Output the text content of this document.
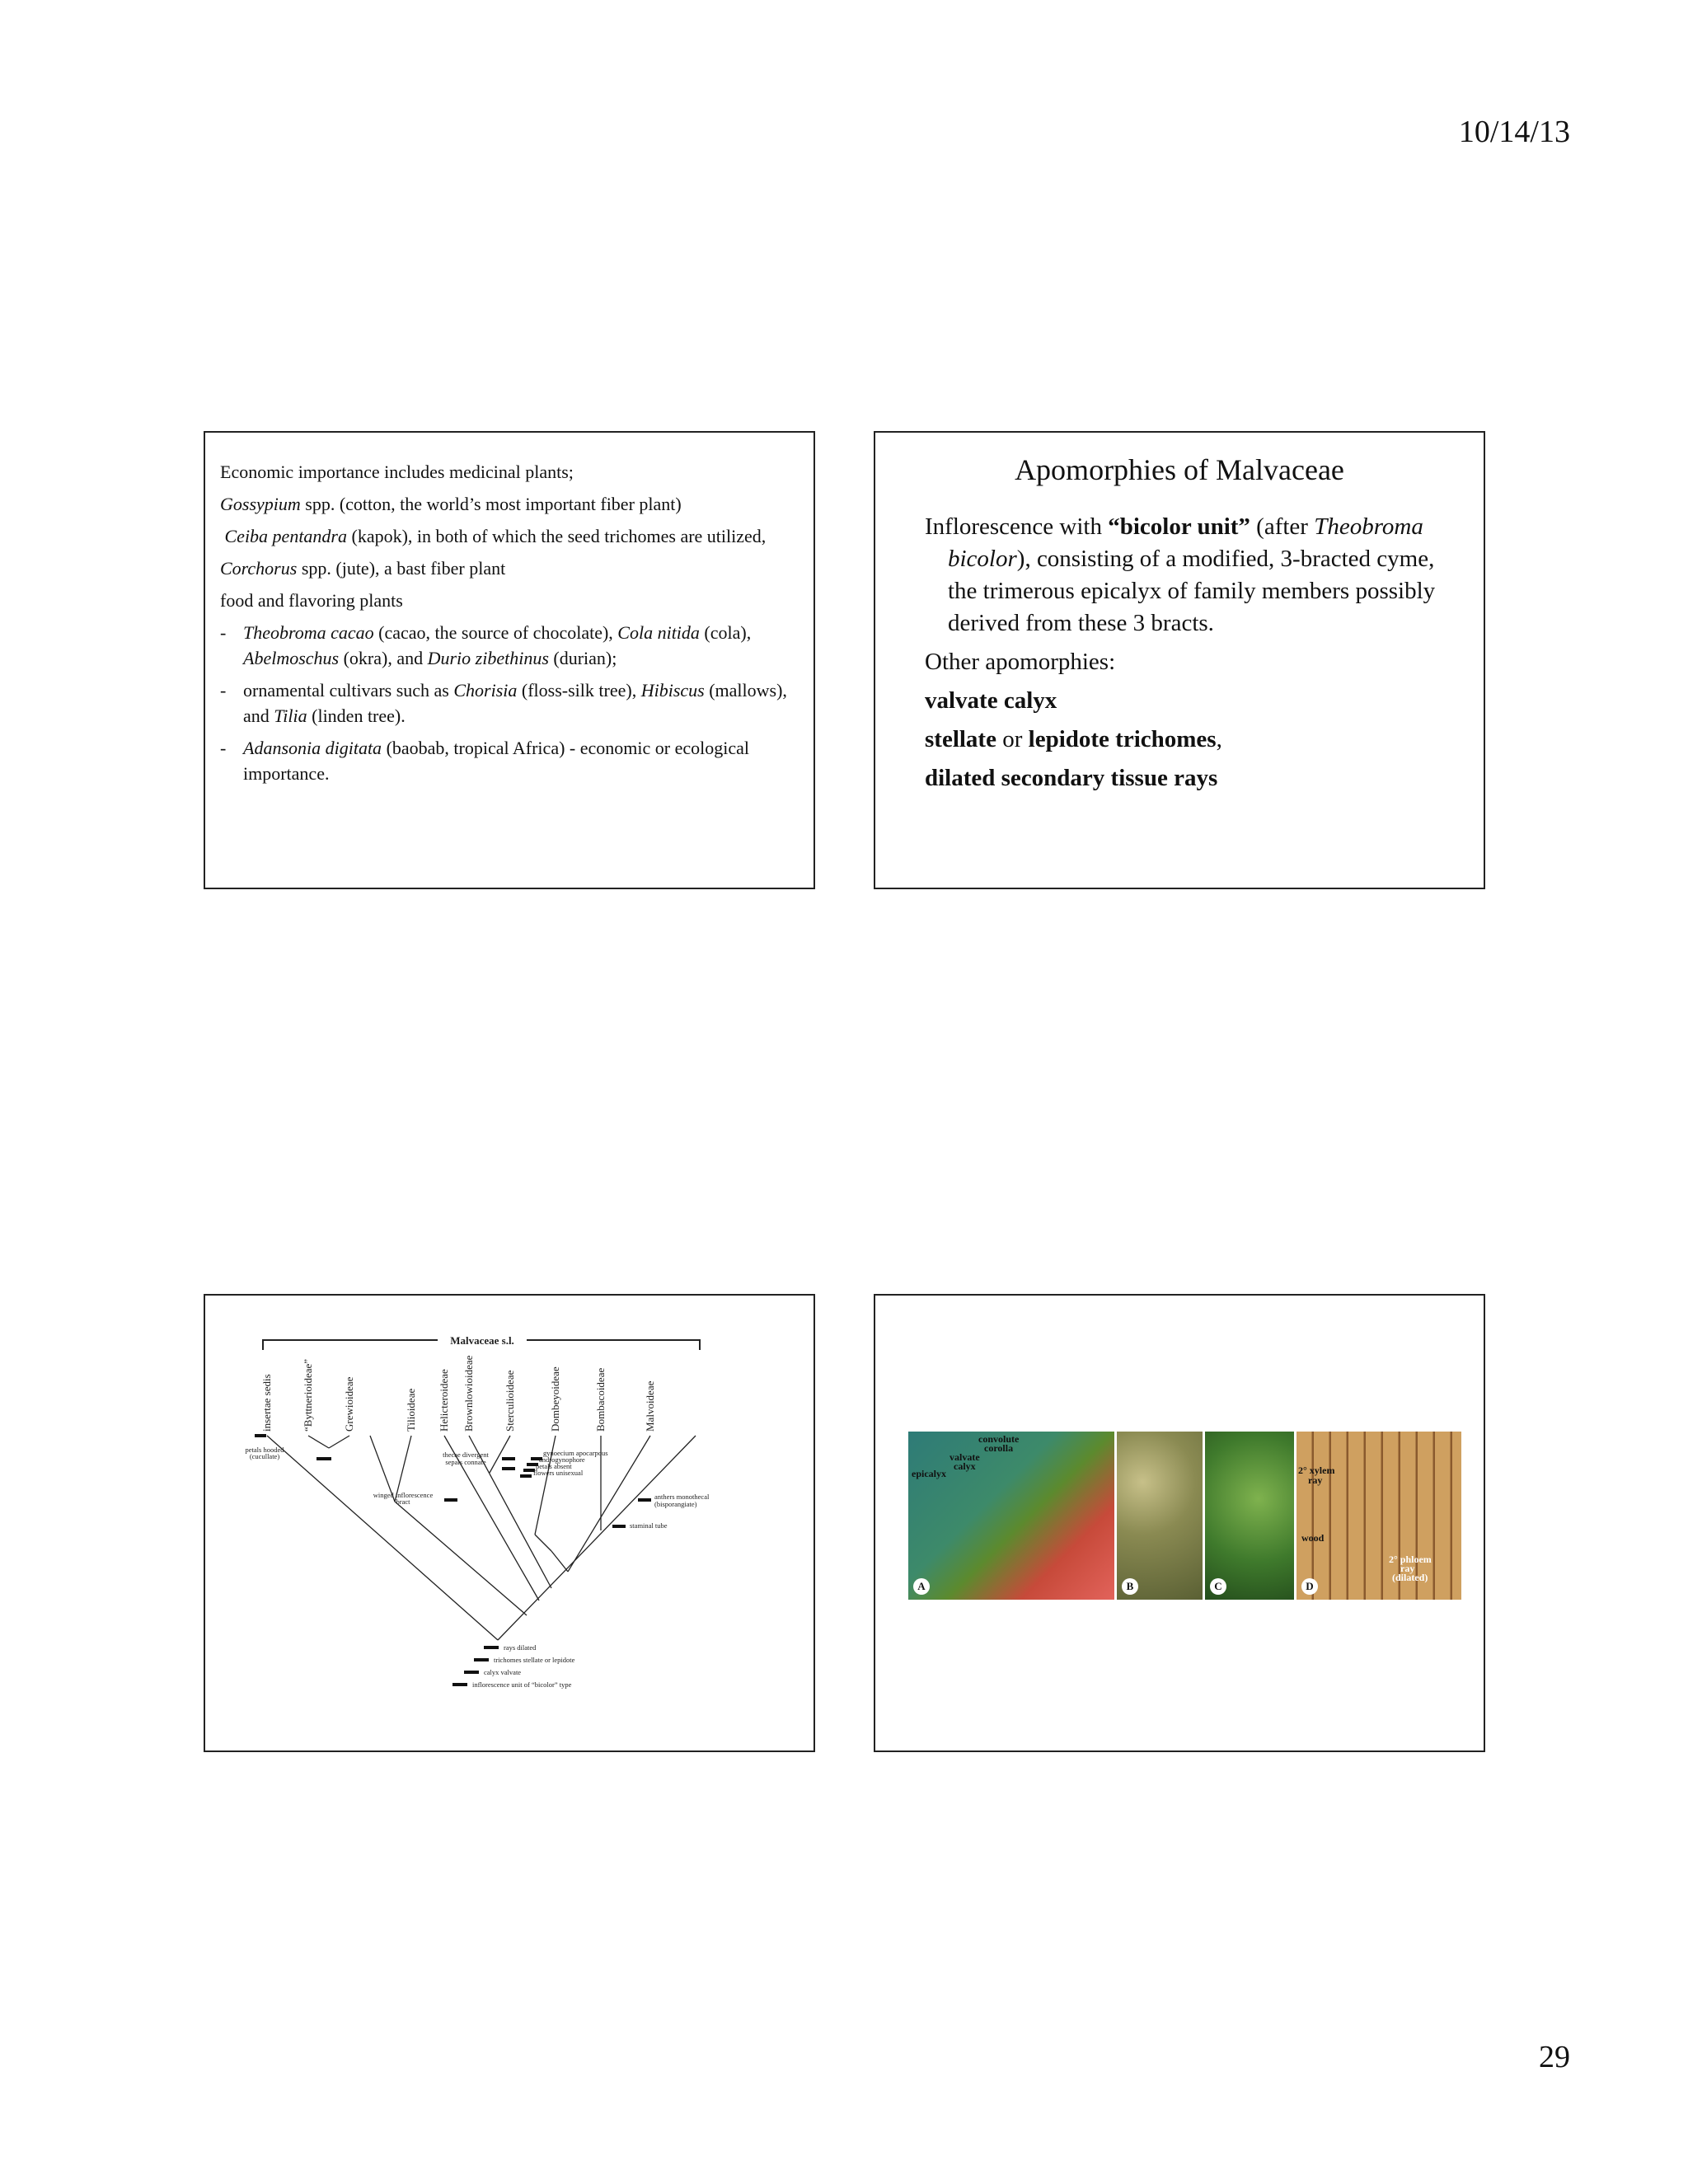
10/14/13

Economic importance includes medicinal plants;

Gossypium spp. (cotton, the world’s most important fiber plant)

Ceiba pentandra (kapok), in both of which the seed trichomes are utilized,

Corchorus spp. (jute), a bast fiber plant

food and flavoring plants

- Theobroma cacao (cacao, the source of chocolate), Cola nitida (cola), Abelmoschus (okra), and Durio zibethinus (durian);

- ornamental cultivars such as Chorisia (floss-silk tree), Hibiscus (mallows), and Tilia (linden tree).

- Adansonia digitata (baobab, tropical Africa) - economic or ecological importance.

Apomorphies of Malvaceae

Inflorescence with “bicolor unit” (after Theobroma bicolor), consisting of a modified, 3-bracted cyme, the trimerous epicalyx of family members possibly derived from these 3 bracts.

Other apomorphies:

valvate calyx

stellate or lepidote trichomes,

dilated secondary tissue rays

Malvaceae s.l.
insertae sedis	“Byttnerioideae”	Grewioideae	Tilioideae Helicteroideae Brownlowioideae	Sterculioideae	Dombeyoideae	Bombacoideae	Malvoideae
petals hooded
(cucullate)
winged inflorescence
bract
thecae divergent
sepals connate
gynoecium apocarpous
androgynophore
petals absent
flowers unisexual
anthers monothecal
(bisporangiate)
staminal tube
rays dilated
trichomes stellate or lepidote
calyx valvate
inflorescence unit of “bicolor” type
convolute
corolla
valvate
calyx
epicalyx
A	B	C
2° xylem
ray
wood
2° phloem
ray
(dilated)
D
29
